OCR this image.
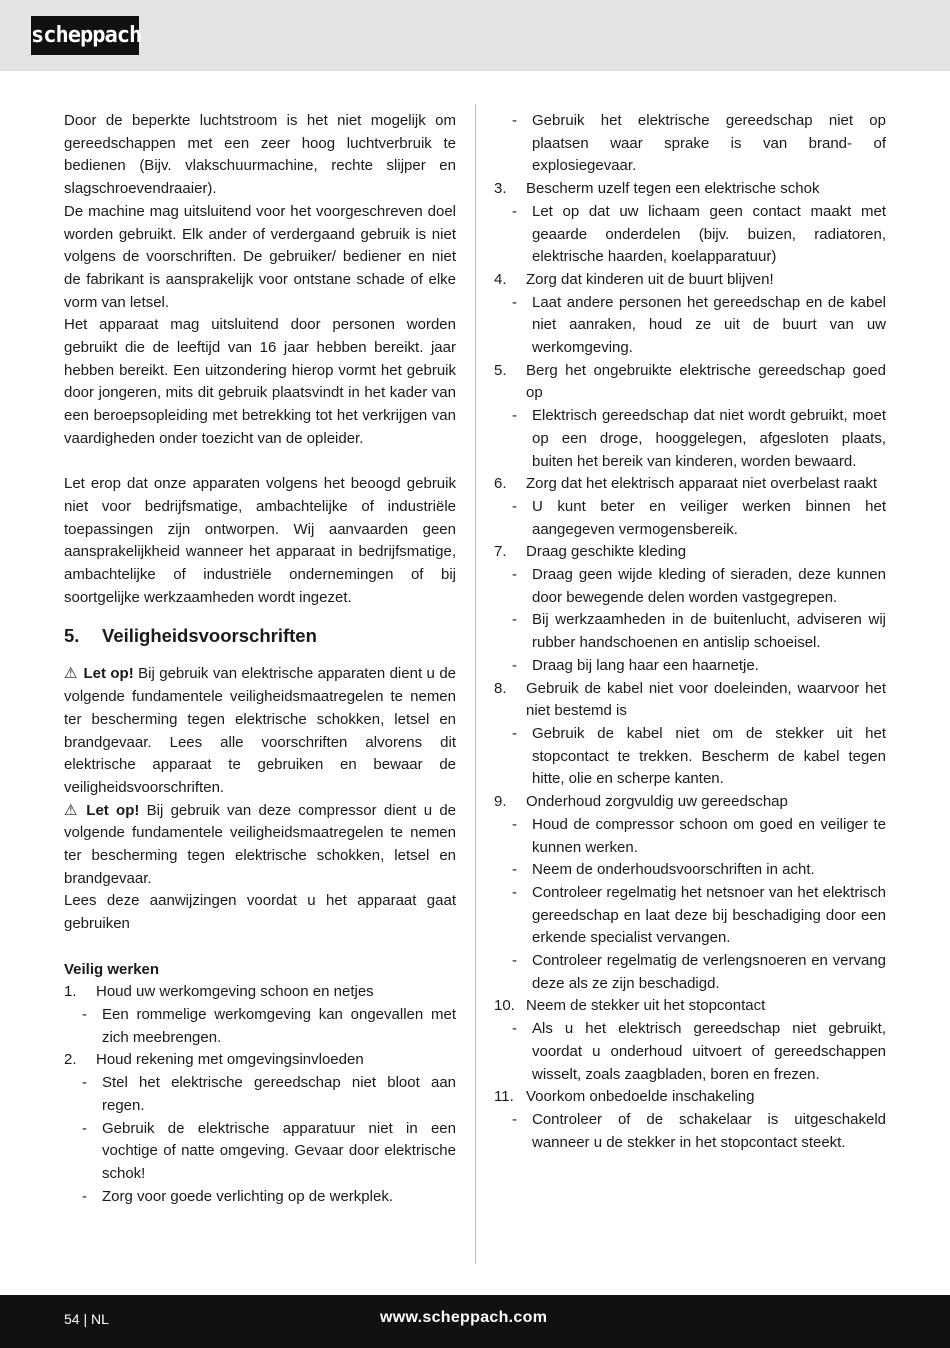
scheppach

Door de beperkte luchtstroom is het niet mogelijk om gereedschappen met een zeer hoog luchtverbruik te bedienen (Bijv. vlakschuurmachine, rechte slijper en slagschroevendraaier).

De machine mag uitsluitend voor het voorgeschreven doel worden gebruikt. Elk ander of verdergaand gebruik is niet volgens de voorschriften. De gebruiker/ bediener en niet de fabrikant is aansprakelijk voor ontstane schade of elke vorm van letsel.

Het apparaat mag uitsluitend door personen worden gebruikt die de leeftijd van 16 jaar hebben bereikt. jaar hebben bereikt. Een uitzondering hierop vormt het gebruik door jongeren, mits dit gebruik plaatsvindt in het kader van een beroepsopleiding met betrekking tot het verkrijgen van vaardigheden onder toezicht van de opleider.

Let erop dat onze apparaten volgens het beoogd gebruik niet voor bedrijfsmatige, ambachtelijke of industriële toepassingen zijn ontworpen. Wij aanvaarden geen aansprakelijkheid wanneer het apparaat in bedrijfsmatige, ambachtelijke of industriële ondernemingen of bij soortgelijke werkzaamheden wordt ingezet.

5. Veiligheidsvoorschriften

⚠ Let op! Bij gebruik van elektrische apparaten dient u de volgende fundamentele veiligheidsmaatregelen te nemen ter bescherming tegen elektrische schokken, letsel en brandgevaar. Lees alle voorschriften alvorens dit elektrische apparaat te gebruiken en bewaar de veiligheidsvoorschriften.

⚠ Let op! Bij gebruik van deze compressor dient u de volgende fundamentele veiligheidsmaatregelen te nemen ter bescherming tegen elektrische schokken, letsel en brandgevaar.

Lees deze aanwijzingen voordat u het apparaat gaat gebruiken

Veilig werken

1.	Houd uw werkomgeving schoon en netjes
-	Een rommelige werkomgeving kan ongevallen met zich meebrengen.
2.	Houd rekening met omgevingsinvloeden
-	Stel het elektrische gereedschap niet bloot aan regen.
-	Gebruik de elektrische apparatuur niet in een vochtige of natte omgeving. Gevaar door elektrische schok!
-	Zorg voor goede verlichting op de werkplek.
-	Gebruik het elektrische gereedschap niet op plaatsen waar sprake is van brand- of explosiegevaar.
3.	Bescherm uzelf tegen een elektrische schok
-	Let op dat uw lichaam geen contact maakt met geaarde onderdelen (bijv. buizen, radiatoren, elektrische haarden, koelapparatuur)
4.	Zorg dat kinderen uit de buurt blijven!
-	Laat andere personen het gereedschap en de kabel niet aanraken, houd ze uit de buurt van uw werkomgeving.
5.	Berg het ongebruikte elektrische gereedschap goed op
-	Elektrisch gereedschap dat niet wordt gebruikt, moet op een droge, hooggelegen, afgesloten plaats, buiten het bereik van kinderen, worden bewaard.
6.	Zorg dat het elektrisch apparaat niet overbelast raakt
-	U kunt beter en veiliger werken binnen het aangegeven vermogensbereik.
7.	Draag geschikte kleding
-	Draag geen wijde kleding of sieraden, deze kunnen door bewegende delen worden vastgegrepen.
-	Bij werkzaamheden in de buitenlucht, adviseren wij rubber handschoenen en antislip schoeisel.
-	Draag bij lang haar een haarnetje.
8.	Gebruik de kabel niet voor doeleinden, waarvoor het niet bestemd is
-	Gebruik de kabel niet om de stekker uit het stopcontact te trekken. Bescherm de kabel tegen hitte, olie en scherpe kanten.
9.	Onderhoud zorgvuldig uw gereedschap
-	Houd de compressor schoon om goed en veiliger te kunnen werken.
-	Neem de onderhoudsvoorschriften in acht.
-	Controleer regelmatig het netsnoer van het elektrisch gereedschap en laat deze bij beschadiging door een erkende specialist vervangen.
-	Controleer regelmatig de verlengsnoeren en vervang deze als ze zijn beschadigd.
10. Neem de stekker uit het stopcontact
-	Als u het elektrisch gereedschap niet gebruikt, voordat u onderhoud uitvoert of gereedschappen wisselt, zoals zaagbladen, boren en frezen.
11. Voorkom onbedoelde inschakeling
-	Controleer of de schakelaar is uitgeschakeld wanneer u de stekker in het stopcontact steekt.
54 | NL	www.scheppach.com
